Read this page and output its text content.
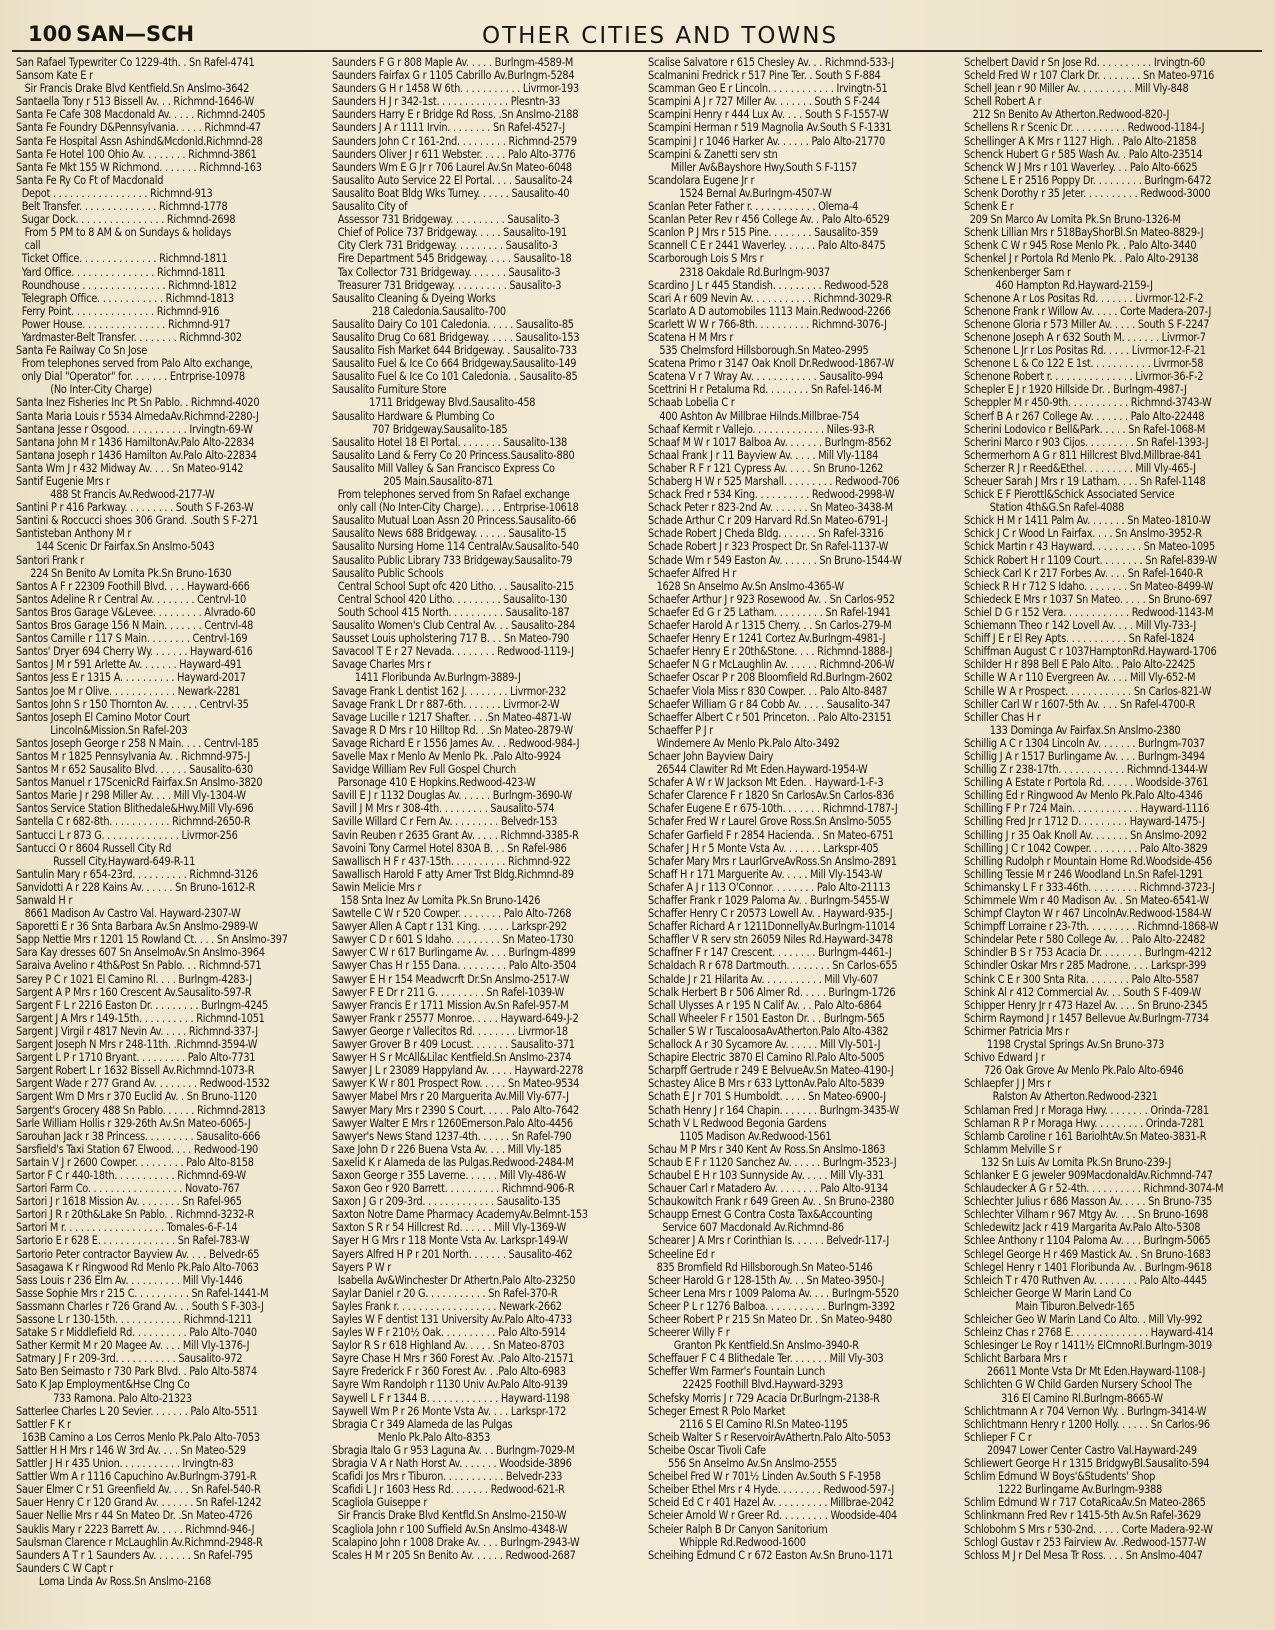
100 SAN—SCH	OTHER CITIES AND TOWNS
San Rafael Typewriter Co 1229-4th. . Sn Rafel-4741
Sansom Kate E r
Sir Francis Drake Blvd Kentfield.Sn Anslmo-3642
Santaella Tony r 513 Bissell Av. . . Richmnd-1646-W
Santa Fe Cafe 308 Macdonald Av. . . . . Richmnd-2405
Santa Fe Foundry D&Pennsylvania. . . . . Richmnd-47
Santa Fe Hospital Assn Ashind&Mcdonld.Richmnd-28
Santa Fe Hotel 100 Ohio Av. . . . . . . . Richmnd-3861
Santa Fe Mkt 155 W Richmond. . . . . . . Richmnd-163
Santa Fe Ry Co Ft of Macdonald
Depot . . . . . . . . . . . . . . . . . Richmnd-913
Belt Transfer. . . . . . . . . . . . . . Richmnd-1778
Sugar Dock. . . . . . . . . . . . . . . . Richmnd-2698
From 5 PM to 8 AM & on Sundays & holidays
call
Ticket Office. . . . . . . . . . . . . . Richmnd-1811
Yard Office. . . . . . . . . . . . . . . Richmnd-1811
Roundhouse . . . . . . . . . . . . . . . Richmnd-1812
Telegraph Office. . . . . . . . . . . . Richmnd-1813
Ferry Point. . . . . . . . . . . . . . . Richmnd-916
Power House. . . . . . . . . . . . . . . Richmnd-917
Yardmaster-Belt Transfer. . . . . . . . Richmnd-302
Santa Fe Railway Co Sn Jose
From telephones served from Palo Alto exchange,
only Dial "Operator" for. . . . . . . Entrprise-10978
(No Inter-City Charge)
Santa Inez Fisheries Inc Pt Sn Pablo. . Richmnd-4020
Santa Maria Louis r 5534 AlmedaAv.Richmnd-2280-J
Santana Jesse r Osgood. . . . . . . . . . . Irvingtn-69-W
Santana John M r 1436 HamiltonAv.Palo Alto-22834
Santana Joseph r 1436 Hamilton Av.Palo Alto-22834
Santa Wm J r 432 Midway Av. . . . Sn Mateo-9142
Santif Eugenie Mrs r
488 St Francis Av.Redwood-2177-W
Santini P r 416 Parkway. . . . . . . . . South S F-263-W
Santini & Roccucci shoes 306 Grand. .South S F-271
Santisteban Anthony M r
144 Scenic Dr Fairfax.Sn Anslmo-5043
Santori Frank r
224 Sn Benito Av Lomita Pk.Sn Bruno-1630
Santos A F r 22309 Foothill Blvd. . . . Hayward-666
Santos Adeline R r Central Av. . . . . . . . Centrvl-10
Santos Bros Garage V&Levee. . . . . . . . . Alvrado-60
Santos Bros Garage 156 N Main. . . . . . . Centrvl-48
Santos Camille r 117 S Main. . . . . . . . Centrvl-169
Santos' Dryer 694 Cherry Wy. . . . . . . Hayward-616
Santos J M r 591 Arlette Av. . . . . . . Hayward-491
Santos Jess E r 1315 A. . . . . . . . . . Hayward-2017
Santos Joe M r Olive. . . . . . . . . . . . Newark-2281
Santos John S r 150 Thornton Av. . . . . . Centrvl-35
Santos Joseph El Camino Motor Court
Lincoln&Mission.Sn Rafel-203
Santos Joseph George r 258 N Main. . . . Centrvl-185
Santos M r 1825 Pennsylvania Av. . Richmnd-975-J
Santos M r 652 Sausalito Blvd. . . . . . Sausalito-630
Santos Manuel r 17ScenicRd Fairfax.Sn Anslmo-3820
Santos Marie J r 298 Miller Av. . . . Mill Vly-1304-W
Santos Service Station Blithedale&Hwy.Mill Vly-696
Santella C r 682-8th. . . . . . . . . . . Richmnd-2650-R
Santucci L r 873 G. . . . . . . . . . . . . . Livrmor-256
Santucci O r 8604 Russell City Rd
Russell City.Hayward-649-R-11
Santulin Mary r 654-23rd. . . . . . . . . . Richmnd-3126
Sanvidotti A r 228 Kains Av. . . . . . Sn Bruno-1612-R
Sanwald H r
8661 Madison Av Castro Val. Hayward-2307-W
Saporetti E r 36 Snta Barbara Av.Sn Anslmo-2989-W
Sapp Nettie Mrs r 1201 15 Rowland Ct. . . . Sn Anslmo-397
Sara Kay dresses 607 Sn AnselmoAv.Sn Anslmo-3964
Saraiva Avelino r 4th&Post Sn Pablo. . . Richmnd-571
Sarey P C r 1021 El Camino Rl. . . . Burlngm-4283-J
Sargent A P Mrs r 160 Crescent Av.Sausalito-597-R
Sargent F L r 2216 Easton Dr. . . . . . . . . Burlngm-4245
Sargent J A Mrs r 149-15th. . . . . . . . . . Richmnd-1051
Sargent J Virgil r 4817 Nevin Av. . . . . Richmnd-337-J
Sargent Joseph N Mrs r 248-11th. .Richmnd-3594-W
Sargent L P r 1710 Bryant. . . . . . . . . Palo Alto-7731
Sargent Robert L r 1632 Bissell Av.Richmnd-1073-R
Sargent Wade r 277 Grand Av. . . . . . . . Redwood-1532
Sargent Wm D Mrs r 370 Euclid Av. . Sn Bruno-1120
Sargent's Grocery 488 Sn Pablo. . . . . . Richmnd-2813
Sarle William Hollis r 329-26th Av.Sn Mateo-6065-J
Sarouhan Jack r 38 Princess. . . . . . . . . Sausalito-666
Sarsfield's Taxi Station 67 Elwood. . . . Redwood-190
Sartain V J r 2600 Cowper. . . . . . . . . Palo Alto-8158
Sartor F C r 440-18th. . . . . . . . . . . Richmnd-69-W
Sartori Farm Co. . . . . . . . . . . . . . . . . Novato-767
Sartori J r 1618 Mission Av. . . . . . . . Sn Rafel-965
Sartori J R r 20th&Lake Sn Pablo. . Richmnd-3232-R
Sartori M r. . . . . . . . . . . . . . . . . . Tomales-6-F-14
Sartorio E r 628 E. . . . . . . . . . . . . . Sn Rafel-783-W
Sartorio Peter contractor Bayview Av. . . . Belvedr-65
Sasagawa K r Ringwood Rd Menlo Pk.Palo Alto-7063
Sass Louis r 236 Elm Av. . . . . . . . . . Mill Vly-1446
Sasse Sophie Mrs r 215 C. . . . . . . . . . Sn Rafel-1441-M
Sassmann Charles r 726 Grand Av. . . South S F-303-J
Sassone L r 130-15th. . . . . . . . . . . . Richmnd-1211
Satake S r Middlefield Rd. . . . . . . . . . Palo Alto-7040
Sather Kermit M r 20 Magee Av. . . . Mill Vly-1376-J
Satmary J F r 209-3rd. . . . . . . . . . . Sausalito-972
Sato Ben Seimasto r 730 Park Blvd. . Palo Alto-5874
Sato K Jap Employment&Hse Clng Co
733 Ramona. Palo Alto-21323
Satterlee Charles L 20 Sevier. . . . . . . Palo Alto-5511
Sattler F K r
163B Camino a Los Cerros Menlo Pk.Palo Alto-7053
Sattler H H Mrs r 146 W 3rd Av. . . . Sn Mateo-529
Sattler J H r 435 Union. . . . . . . . . . . Irvingtn-83
Sattler Wm A r 1116 Capuchino Av.Burlngm-3791-R
Sauer Elmer C r 51 Greenfield Av. . . . Sn Rafel-540-R
Sauer Henry C r 120 Grand Av. . . . . . . Sn Rafel-1242
Sauer Nellie Mrs r 44 Sn Mateo Dr. .Sn Mateo-4726
Sauklis Mary r 2223 Barrett Av. . . . . Richmnd-946-J
Saulsman Clarence r McLaughlin Av.Richmnd-2948-R
Saunders A T r 1 Saunders Av. . . . . . . Sn Rafel-795
Saunders C W Capt r
Loma Linda Av Ross.Sn Anslmo-2168
Saunders F G r 808 Maple Av. . . . . Burlngm-4589-M
Saunders Fairfax G r 1105 Cabrillo Av.Burlngm-5284
Saunders G H r 1458 W 6th. . . . . . . . . . . Livrmor-193
Saunders H J r 342-1st. . . . . . . . . . . . . Plesntn-33
Saunders Harry E r Bridge Rd Ross. .Sn Anslmo-2188
Saunders J A r 1111 Irvin. . . . . . . . Sn Rafel-4527-J
Saunders John C r 161-2nd. . . . . . . . . Richmnd-2579
Saunders Oliver J r 611 Webster. . . . . Palo Alto-3776
Saunders Wm E G Jr r 706 Laurel Av.Sn Mateo-6048
Sausalito Auto Service 22 El Portal. . . . Sausalito-24
Sausalito Boat Bldg Wks Turney. . . . . . Sausalito-40
Sausalito City of
Assessor 731 Bridgeway. . . . . . . . . . Sausalito-3
Chief of Police 737 Bridgeway. . . . . Sausalito-191
City Clerk 731 Bridgeway. . . . . . . . . Sausalito-3
Fire Department 545 Bridgeway. . . . . Sausalito-18
Tax Collector 731 Bridgeway. . . . . . . Sausalito-3
Treasurer 731 Bridgeway. . . . . . . . . . Sausalito-3
Sausalito Cleaning & Dyeing Works
218 Caledonia.Sausalito-700
Sausalito Dairy Co 101 Caledonia. . . . . Sausalito-85
Sausalito Drug Co 681 Bridgeway. . . . . Sausalito-153
Sausalito Fish Market 644 Bridgeway. . Sausalito-733
Sausalito Fuel & Ice Co 664 Bridgeway.Sausalito-149
Sausalito Fuel & Ice Co 101 Caledonia. . Sausalito-85
Sausalito Furniture Store
1711 Bridgeway Blvd.Sausalito-458
Sausalito Hardware & Plumbing Co
707 Bridgeway.Sausalito-185
Sausalito Hotel 18 El Portal. . . . . . . . Sausalito-138
Sausalito Land & Ferry Co 20 Princess.Sausalito-880
Sausalito Mill Valley & San Francisco Express Co
205 Main.Sausalito-871
From telephones served from Sn Rafael exchange
only call (No Inter-City Charge). . . . Entrprise-10618
Sausalito Mutual Loan Assn 20 Princess.Sausalito-66
Sausalito News 688 Bridgeway. . . . . . Sausalito-15
Sausalito Nursing Home 114 CentralAv.Sausalito-540
Sausalito Public Library 733 Bridgeway.Sausalito-79
Sausalito Public Schools
Central School Supt ofc 420 Litho. . . Sausalito-215
Central School 420 Litho. . . . . . . . . Sausalito-130
South School 415 North. . . . . . . . . . Sausalito-187
Sausalito Women's Club Central Av. . . Sausalito-284
Sausset Louis upholstering 717 B. . . Sn Mateo-790
Savacool T E r 27 Nevada. . . . . . . . Redwood-1119-J
Savage Charles Mrs r
1411 Floribunda Av.Burlngm-3889-J
Savage Frank L dentist 162 J. . . . . . . . Livrmor-232
Savage Frank L Dr r 887-6th. . . . . . . Livrmor-2-W
Savage Lucille r 1217 Shafter. . . .Sn Mateo-4871-W
Savage R D Mrs r 10 Hilltop Rd. . .Sn Mateo-2879-W
Savage Richard E r 1556 James Av. . . Redwood-984-J
Savelle Max r Menlo Av Menlo Pk. .Palo Alto-9924
Savidge William Rev Full Gospel Church
Parsonage 410 E Hopkins.Redwood-423-W
Savill E J r 1132 Douglas Av. . . . . . Burlngm-3690-W
Savill J M Mrs r 308-4th. . . . . . . . . Sausalito-574
Saville Willard C r Fern Av. . . . . . . . . Belvedr-153
Savin Reuben r 2635 Grant Av. . . . . Richmnd-3385-R
Savoini Tony Carmel Hotel 830A B. . . Sn Rafel-986
Sawallisch H F r 437-15th. . . . . . . . . . Richmnd-922
Sawallisch Harold F atty Amer Trst Bldg.Richmnd-89
Sawin Melicie Mrs r
158 Snta Inez Av Lomita Pk.Sn Bruno-1426
Sawtelle C W r 520 Cowper. . . . . . . . Palo Alto-7268
Sawyer Allen A Capt r 131 King. . . . . . Larkspr-292
Sawyer C D r 601 S Idaho. . . . . . . . . Sn Mateo-1730
Sawyer C W r 617 Burlingame Av. . . . Burlngm-4899
Sawyer Chas H r 155 Dana. . . . . . . . . Palo Alto-3504
Sawyer E H r 154 Meadwcrft Dr.Sn Anslmo-2517-W
Sawyer F E Dr r 211 G. . . . . . . . . Sn Rafel-1039-W
Sawyer Francis E r 1711 Mission Av.Sn Rafel-957-M
Sawyer Frank r 25577 Monroe. . . . . Hayward-649-J-2
Sawyer George r Vallecitos Rd. . . . . . . . Livrmor-18
Sawyer Grover B r 409 Locust. . . . . . . Sausalito-371
Sawyer H S r McAll&Lilac Kentfield.Sn Anslmo-2374
Sawyer J L r 23089 Happyland Av. . . . . Hayward-2278
Sawyer K W r 801 Prospect Row. . . . . Sn Mateo-9534
Sawyer Mabel Mrs r 20 Marguerita Av.Mill Vly-677-J
Sawyer Mary Mrs r 2390 S Court. . . . . Palo Alto-7642
Sawyer Walter E Mrs r 1260Emerson.Palo Alto-4456
Sawyer's News Stand 1237-4th. . . . . . Sn Rafel-790
Saxe John D r 226 Buena Vsta Av. . . . Mill Vly-185
Saxelid K r Alameda de las Pulgas.Redwood-2484-M
Saxon George r 355 Laverne. . . . . . Mill Vly-486-W
Saxon Geo r 920 Barrett. . . . . . . . . . Richmnd-906-R
Saxon J G r 209-3rd. . . . . . . . . . . . . Sausalito-135
Saxton Notre Dame Pharmacy AcademyAv.Belmnt-153
Saxton S R r 54 Hillcrest Rd. . . . . . Mill Vly-1369-W
Sayer H G Mrs r 118 Monte Vsta Av. Larkspr-149-W
Sayers Alfred H P r 201 North. . . . . . . Sausalito-462
Sayers P W r
Isabella Av&Winchester Dr Athertn.Palo Alto-23250
Saylar Daniel r 20 G. . . . . . . . . . . Sn Rafel-370-R
Sayles Frank r. . . . . . . . . . . . . . . . . . Newark-2662
Sayles W F dentist 131 University Av.Palo Alto-4733
Sayles W F r 210½ Oak. . . . . . . . . . Palo Alto-5914
Saylor R S r 618 Highland Av. . . . . Sn Mateo-8703
Sayre Chase H Mrs r 360 Forest Av. .Palo Alto-21571
Sayre Frederick F r 360 Forest Av. . .Palo Alto-6983
Sayre Wm Randolph r 1130 Univ Av.Palo Alto-9139
Saywell L F r 1344 B. . . . . . . . . . . . . Hayward-1198
Saywell Wm P r 26 Monte Vsta Av. . . . Larkspr-172
Sbragia C r 349 Alameda de las Pulgas
Menlo Pk.Palo Alto-8353
Sbragia Italo G r 953 Laguna Av. . . Burlngm-7029-M
Sbragia V A r Nath Horst Av. . . . . . . Woodside-3896
Scafidi Jos Mrs r Tiburon. . . . . . . . . . . Belvedr-233
Scafidi L J r 1603 Hess Rd. . . . . . . Redwood-621-R
Scagliola Guiseppe r
Sir Francis Drake Blvd Kentfld.Sn Anslmo-2150-W
Scagliola John r 100 Suffield Av.Sn Anslmo-4348-W
Scalapino John r 1008 Drake Av. . . . Burlngm-2943-W
Scales H M r 205 Sn Benito Av. . . . . . Redwood-2687
Scalise Salvatore r 615 Chesley Av. . . Richmnd-533-J
Scalmanini Fredrick r 517 Pine Ter. . South S F-884
Scamman Geo E r Lincoln. . . . . . . . . . . . Irvingtn-51
Scampini A J r 727 Miller Av. . . . . . . South S F-244
Scampini Henry r 444 Lux Av. . . . South S F-1557-W
Scampini Herman r 519 Magnolia Av.South S F-1331
Scampini J r 1046 Harker Av. . . . . . Palo Alto-21770
Scampini & Zanetti serv stn
Miller Av&Bayshore Hwy.South S F-1157
Scandolara Eugene Jr r
1524 Bernal Av.Burlngm-4507-W
Scanlan Peter Father r. . . . . . . . . . . . Olema-4
Scanlan Peter Rev r 456 College Av. . Palo Alto-6529
Scanlon P J Mrs r 515 Pine. . . . . . . . Sausalito-359
Scannell C E r 2441 Waverley. . . . . . Palo Alto-8475
Scarborough Lois S Mrs r
2318 Oakdale Rd.Burlngm-9037
Scardino J L r 445 Standish. . . . . . . . . Redwood-528
Scari A r 609 Nevin Av. . . . . . . . . . . Richmnd-3029-R
Scarlato A D automobiles 1113 Main.Redwood-2266
Scarlett W W r 766-8th. . . . . . . . . . Richmnd-3076-J
Scatena H M Mrs r
535 Chelmsford Hillsborough.Sn Mateo-2995
Scatena Primo r 3147 Oak Knoll Dr.Redwood-1867-W
Scatena V r 7 Wray Av. . . . . . . . . . . . Sausalito-994
Scettrini H r Petaluma Rd. . . . . . . . Sn Rafel-146-M
Schaab Lobelia C r
400 Ashton Av Millbrae Hilnds.Millbrae-754
Schaaf Kermit r Vallejo. . . . . . . . . . . . . Niles-93-R
Schaaf M W r 1017 Balboa Av. . . . . . . Burlngm-8562
Schaal Frank J r 11 Bayview Av. . . . . Mill Vly-1184
Schaber R F r 121 Cypress Av. . . . . Sn Bruno-1262
Schaberg H W r 525 Marshall. . . . . . . . . Redwood-706
Schack Fred r 534 King. . . . . . . . . . Redwood-2998-W
Schack Peter r 823-2nd Av. . . . . . . Sn Mateo-3438-M
Schade Arthur C r 209 Harvard Rd.Sn Mateo-6791-J
Schade Robert J Cheda Bldg. . . . . . . Sn Rafel-3316
Schade Robert J r 323 Prospect Dr. Sn Rafel-1137-W
Schade Wm r 549 Easton Av. . . . . . . Sn Bruno-1544-W
Schaefer Alfred H r
1628 Sn Anselmo Av.Sn Anslmo-4365-W
Schaefer Arthur J r 923 Rosewood Av. . Sn Carlos-952
Schaefer Ed G r 25 Latham. . . . . . . . . Sn Rafel-1941
Schaefer Harold A r 1315 Cherry. . . Sn Carlos-279-M
Schaefer Henry E r 1241 Cortez Av.Burlngm-4981-J
Schaefer Henry E r 20th&Stone. . . . Richmnd-1888-J
Schaefer N G r McLaughlin Av. . . . . . Richmnd-206-W
Schaefer Oscar P r 208 Bloomfield Rd.Burlngm-2602
Schaefer Viola Miss r 830 Cowper. . . Palo Alto-8487
Schaefer William G r 84 Cobb Av. . . . . Sausalito-347
Schaeffer Albert C r 501 Princeton. . Palo Alto-23151
Schaeffer P J r
Windemere Av Menlo Pk.Palo Alto-3492
Schaer John Bayview Dairy
26544 Clawiter Rd Mt Eden.Hayward-1954-W
Schafer A W r W Jackson Mt Eden. . Hayward-1-F-3
Schafer Clarence F r 1820 Sn CarlosAv.Sn Carlos-836
Schafer Eugene E r 675-10th. . . . . . . Richmnd-1787-J
Schafer Fred W r Laurel Grove Ross.Sn Anslmo-5055
Schafer Garfield F r 2854 Hacienda. . Sn Mateo-6751
Schafer J H r 5 Monte Vsta Av. . . . . . . Larkspr-405
Schafer Mary Mrs r LaurlGrveAvRoss.Sn Anslmo-2891
Schaff H r 171 Marguerite Av. . . . . Mill Vly-1543-W
Schafer A J r 113 O'Connor. . . . . . . . Palo Alto-21113
Schaffer Frank r 1029 Paloma Av. . Burlngm-5455-W
Schaffer Henry C r 20573 Lowell Av. . Hayward-935-J
Schaffer Richard A r 1211DonnellyAv.Burlngm-11014
Schaffler V R serv stn 26059 Niles Rd.Hayward-3478
Schaffner F r 147 Crescent. . . . . . . . Burlngm-4461-J
Schaldach R r 678 Dartmouth. . . . . . . . Sn Carlos-655
Schalde J r 21 Hilarita Av. . . . . . . . . . . Mill Vly-607
Schalk Herbert B r 506 Almer Rd. . . . . Burlngm-1726
Schall Ulysses A r 195 N Calif Av. . . Palo Alto-6864
Schall Wheeler F r 1501 Easton Dr. . . Burlngm-565
Schaller S W r TuscaloosaAvAtherton.Palo Alto-4382
Schallock A r 30 Sycamore Av. . . . . . Mill Vly-501-J
Schapire Electric 3870 El Camino Rl.Palo Alto-5005
Scharpff Gertrude r 249 E BelvueAv.Sn Mateo-4190-J
Schastey Alice B Mrs r 633 LyttonAv.Palo Alto-5839
Schath E J r 701 S Humboldt. . . . . Sn Mateo-6900-J
Schath Henry J r 164 Chapin. . . . . . . Burlngm-3435-W
Schath V L Redwood Begonia Gardens
1105 Madison Av.Redwood-1561
Schau M P Mrs r 340 Kent Av Ross.Sn Anslmo-1863
Schaub E F r 1120 Sanchez Av. . . . . . Burlngm-3523-J
Schaubel E H r 103 Sunnyside Av. . . . . Mill Vly-331
Schauer Carl r Matadero Av. . . . . . . . Palo Alto-9134
Schaukowitch Frank r 649 Green Av. . Sn Bruno-2380
Schaupp Ernest G Contra Costa Tax&Accounting
Service 607 Macdonald Av.Richmnd-86
Schearer J A Mrs r Corinthian Is. . . . . . Belvedr-117-J
Scheeline Ed r
835 Bromfield Rd Hillsborough.Sn Mateo-5146
Scheer Harold G r 128-15th Av. . . Sn Mateo-3950-J
Scheer Lena Mrs r 1009 Paloma Av. . . . Burlngm-5520
Scheer P L r 1276 Balboa. . . . . . . . . . . Burlngm-3392
Scheer Robert P r 215 Sn Mateo Dr. . Sn Mateo-9480
Scheerer Willy F r
Granton Pk Kentfield.Sn Anslmo-3940-R
Scheffauer F C 4 Blithedale Ter. . . . . . . Mill Vly-303
Scheffer Wm Farmer's Fountain Lunch
22425 Foothill Blvd.Hayward-3293
Schefsky Morris J r 729 Acacia Dr.Burlngm-2138-R
Scheger Ernest R Polo Market
2116 S El Camino Rl.Sn Mateo-1195
Scheib Walter S r ReservoirAvAthertn.Palo Alto-5053
Scheibe Oscar Tivoli Cafe
556 Sn Anselmo Av.Sn Anslmo-2555
Scheibel Fred W r 701½ Linden Av.South S F-1958
Scheiber Ethel Mrs r 4 Hyde. . . . . . . . Redwood-597-J
Scheid Ed C r 401 Hazel Av. . . . . . . . . . Millbrae-2042
Scheier Arnold W r Greer Rd. . . . . . . . . Woodside-404
Scheier Ralph B Dr Canyon Sanitorium
Whipple Rd.Redwood-1600
Scheihing Edmund C r 672 Easton Av.Sn Bruno-1171
Schelbert David r Sn Jose Rd. . . . . . . . . . Irvingtn-60
Scheld Fred W r 107 Clark Dr. . . . . . . . Sn Mateo-9716
Schell Jean r 90 Miller Av. . . . . . . . . . Mill Vly-848
Schell Robert A r
212 Sn Benito Av Atherton.Redwood-820-J
Schellens R r Scenic Dr. . . . . . . . . . Redwood-1184-J
Schellinger A K Mrs r 1127 High. . Palo Alto-21858
Schenck Hubert G r 585 Wash Av. . Palo Alto-23514
Schenck W J Mrs r 101 Waverley. . . Palo Alto-6625
Schene L E r 2516 Poppy Dr. . . . . . . . . Burlngm-6472
Schenk Dorothy r 35 Jeter. . . . . . . . . . Redwood-3000
Schenk E r
209 Sn Marco Av Lomita Pk.Sn Bruno-1326-M
Schenk Lillian Mrs r 518BayShorBl.Sn Mateo-8829-J
Schenk C W r 945 Rose Menlo Pk. . Palo Alto-3440
Schenkel J r Portola Rd Menlo Pk. . Palo Alto-29138
Schenkenberger Sam r
460 Hampton Rd.Hayward-2159-J
Schenone A r Los Positas Rd. . . . . . . Livrmor-12-F-2
Schenone Frank r Willow Av. . . . . Corte Madera-207-J
Schenone Gloria r 573 Miller Av. . . . . South S F-2247
Schenone Joseph A r 632 South M. . . . . . . Livrmor-7
Schenone L Jr r Los Positas Rd. . . . . Livrmor-12-F-21
Schenone L & Co 122 E 1st. . . . . . . . . . . Livrmor-58
Schenone Robert r. . . . . . . . . . . . . . . Livrmor-36-F-2
Schepler E J r 1920 Hillside Dr. . Burlngm-4987-J
Scheppler M r 450-9th. . . . . . . . . . . Richmnd-3743-W
Scherf B A r 267 College Av. . . . . . . Palo Alto-22448
Scherini Lodovico r Bell&Park. . . . . Sn Rafel-1068-M
Scherini Marco r 903 Cijos. . . . . . . . . Sn Rafel-1393-J
Schermerhorn A G r 811 Hillcrest Blvd.Millbrae-841
Scherzer R J r Reed&Ethel. . . . . . . . . Mill Vly-465-J
Scheuer Sarah J Mrs r 19 Latham. . . . Sn Rafel-1148
Schick E F Pierottl&Schick Associated Service
Station 4th&G.Sn Rafel-4088
Schick H M r 1411 Palm Av. . . . . . . Sn Mateo-1810-W
Schick J C r Wood Ln Fairfax. . . . Sn Anslmo-3952-R
Schick Martin r 43 Hayward. . . . . . . . . Sn Mateo-1095
Schick Robert H r 1109 Court. . . . . . . . Sn Rafel-839-W
Schieck Carl K r 217 Forbes Av. . . . Sn Rafel-1640-R
Schieck R H r 712 S Idaho. . . . . . . . Sn Mateo-8499-W
Schiedeck E Mrs r 1037 Sn Mateo. . . . . Sn Bruno-697
Schiel D G r 152 Vera. . . . . . . . . . . . Redwood-1143-M
Schiemann Theo r 142 Lovell Av. . . . Mill Vly-733-J
Schiff J E r El Rey Apts. . . . . . . . . . . Sn Rafel-1824
Schiffman August C r 1037HamptonRd.Hayward-1706
Schilder H r 898 Bell E Palo Alto. . Palo Alto-22425
Schille W A r 110 Evergreen Av. . . . Mill Vly-652-M
Schille W A r Prospect. . . . . . . . . . . . Sn Carlos-821-W
Schiller Carl W r 1607-5th Av. . . . Sn Rafel-4700-R
Schiller Chas H r
133 Dominga Av Fairfax.Sn Anslmo-2380
Schillig A C r 1304 Lincoln Av. . . . . . . Burlngm-7037
Schillig J A r 1517 Burlingame Av. . . . Burlngm-3494
Schillig Z r 238-17th. . . . . . . . . . . . Richmnd-1344-W
Schilling A Estate r Portola Rd. . . . . . Woodside-3761
Schilling Ed r Ringwood Av Menlo Pk.Palo Alto-4346
Schilling F P r 724 Main. . . . . . . . . . . . Hayward-1116
Schilling Fred Jr r 1712 D. . . . . . . . . Hayward-1475-J
Schilling J r 35 Oak Knoll Av. . . . . . . Sn Anslmo-2092
Schilling J C r 1042 Cowper. . . . . . . . . Palo Alto-3829
Schilling Rudolph r Mountain Home Rd.Woodside-456
Schilling Tessie M r 246 Woodland Ln.Sn Rafel-1291
Schimansky L F r 333-46th. . . . . . . . . Richmnd-3723-J
Schimmele Wm r 40 Madison Av. . Sn Mateo-6541-W
Schimpf Clayton W r 467 LincolnAv.Redwood-1584-W
Schimpff Lorraine r 23-7th. . . . . . . . . Richmnd-1868-W
Schindelar Pete r 580 College Av. . . Palo Alto-22482
Schindler B S r 753 Acacia Dr. . . . . . . . Burlngm-4212
Schindler Oskar Mrs r 285 Madrone. . . . Larkspr-399
Schink C E r 300 Snta Rita. . . . . . . . Palo Alto-5587
Schink Al r 412 Commercial Av. . . South S F-409-W
Schipper Henry Jr r 473 Hazel Av. . . . Sn Bruno-2345
Schirm Raymond J r 1457 Bellevue Av.Burlngm-7734
Schirmer Patricia Mrs r
1198 Crystal Springs Av.Sn Bruno-373
Schivo Edward J r
726 Oak Grove Av Menlo Pk.Palo Alto-6946
Schlaepfer J J Mrs r
Ralston Av Atherton.Redwood-2321
Schlaman Fred J r Moraga Hwy. . . . . . . . Orinda-7281
Schlaman R P r Moraga Hwy. . . . . . . . . Orinda-7281
Schlamb Caroline r 161 BariolhtAv.Sn Mateo-3831-R
Schlamm Melville S r
132 Sn Luis Av Lomita Pk.Sn Bruno-239-J
Schlanker E G jeweler 909MacdonaldAv.Richmnd-747
Schlaudecker A G r 52-4th. . . . . . . . . . Richmnd-3074-M
Schlechter Julius r 686 Masson Av. . . . . Sn Bruno-735
Schlechter Vilham r 967 Mtgy Av. . . . Sn Bruno-1698
Schledewitz Jack r 419 Margarita Av.Palo Alto-5308
Schlee Anthony r 1104 Paloma Av. . . . Burlngm-5065
Schlegel George H r 469 Mastick Av. . Sn Bruno-1683
Schlegel Henry r 1401 Floribunda Av. . Burlngm-9618
Schleich T r 470 Ruthven Av. . . . . . . . Palo Alto-4445
Schleicher George W Marin Land Co
Main Tiburon.Belvedr-165
Schleicher Geo W Marin Land Co Alto. . Mill Vly-992
Schleinz Chas r 2768 E. . . . . . . . . . . . . . Hayward-414
Schlesinger Le Roy r 1411½ ElCmnoRl.Burlngm-3019
Schlicht Barbara Mrs r
26611 Monte Vsta Dr Mt Eden.Hayward-1108-J
Schlichten G W Child Garden Nursery School The
316 El Camino Rl.Burlngm-8665-W
Schlichtmann A r 704 Vernon Wy. . Burlngm-3414-W
Schlichtmann Henry r 1200 Holly. . . . . . Sn Carlos-96
Schlieper F C r
20947 Lower Center Castro Val.Hayward-249
Schliewert George H r 1315 BridgwyBl.Sausalito-594
Schlim Edmund W Boys'&Students' Shop
1222 Burlingame Av.Burlngm-9388
Schlim Edmund W r 717 CotaRicaAv.Sn Mateo-2865
Schlinkmann Fred Rev r 1415-5th Av.Sn Rafel-3629
Schlobohm S Mrs r 530-2nd. . . . . Corte Madera-92-W
Schlogl Gustav r 253 Fairview Av. .Redwood-1577-W
Schloss M J r Del Mesa Tr Ross. . . . Sn Anslmo-4047
